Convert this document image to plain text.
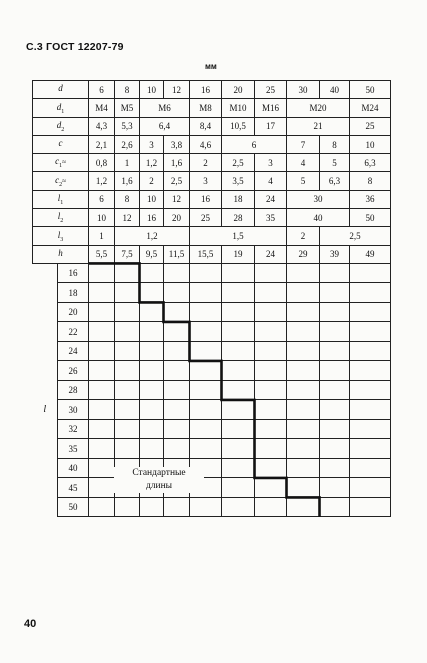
С.3 ГОСТ 12207-79
мм
d		6	8	10	12	16	20	25	30	40	50
$d_1$		M4	M5	M6		M8	M10	M16	M20		M24
$d_2$		4,3	5,3	6,4		8,4	10,5	17	21		25
c		2,1	2,6	3	3,8	4,6	6		7	8	10
$c_1\approx$		0,8	1	1,2	1,6	2	2,5	3	4	5	6,3
$c_2\approx$		1,2	1,6	2	2,5	3	3,5	4	5	6,3	8
$l_1$		6	8	10	12	16	18	24	30		36
$l_2$		10	12	16	20	25	28	35	40		50
$l_3$		1	1,2			1,5			2	2,5	
h		5,5	7,5	9,5	11,5	15,5	19	24	29	39	49
	16										
	18										
	20										
	22										
	24										
	26										
	28										
l	30										
	32										
	35										
	40										
	45										
	50										
Стандартные
длины
40
